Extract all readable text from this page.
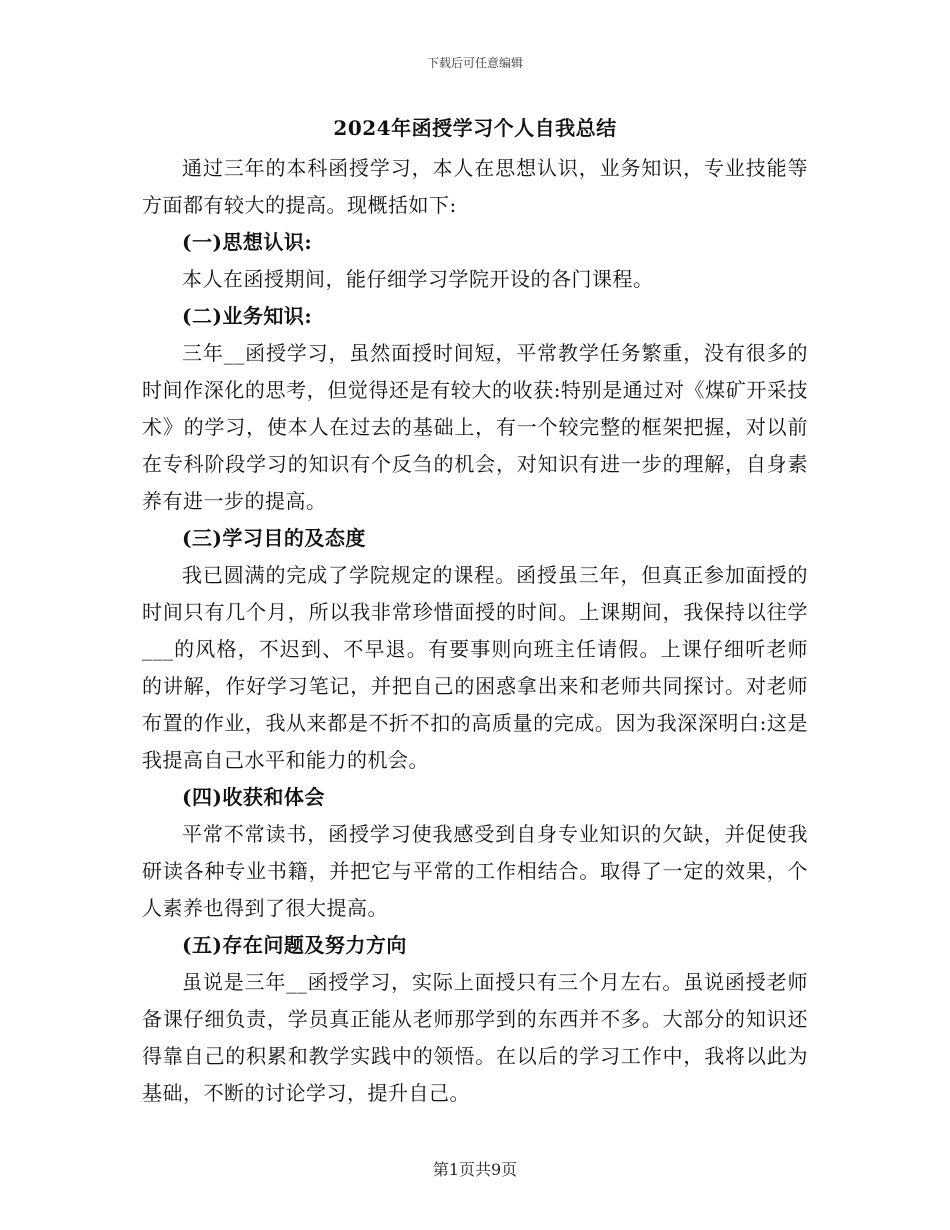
下载后可任意编辑
2024年函授学习个人自我总结

通过三年的本科函授学习，本人在思想认识，业务知识，专业技能等方面都有较大的提高。现概括如下:

(一)思想认识:

本人在函授期间，能仔细学习学院开设的各门课程。

(二)业务知识:

三年__函授学习，虽然面授时间短，平常教学任务繁重，没有很多的时间作深化的思考，但觉得还是有较大的收获:特别是通过对《煤矿开采技术》的学习，使本人在过去的基础上，有一个较完整的框架把握，对以前在专科阶段学习的知识有个反刍的机会，对知识有进一步的理解，自身素养有进一步的提高。

(三)学习目的及态度

我已圆满的完成了学院规定的课程。函授虽三年，但真正参加面授的时间只有几个月，所以我非常珍惜面授的时间。上课期间，我保持以往学___的风格，不迟到、不早退。有要事则向班主任请假。上课仔细听老师的讲解，作好学习笔记，并把自己的困惑拿出来和老师共同探讨。对老师布置的作业，我从来都是不折不扣的高质量的完成。因为我深深明白:这是我提高自己水平和能力的机会。

(四)收获和体会

平常不常读书，函授学习使我感受到自身专业知识的欠缺，并促使我研读各种专业书籍，并把它与平常的工作相结合。取得了一定的效果，个人素养也得到了很大提高。

(五)存在问题及努力方向

虽说是三年__函授学习，实际上面授只有三个月左右。虽说函授老师备课仔细负责，学员真正能从老师那学到的东西并不多。大部分的知识还得靠自己的积累和教学实践中的领悟。在以后的学习工作中，我将以此为基础，不断的讨论学习，提升自己。

第1页共9页
